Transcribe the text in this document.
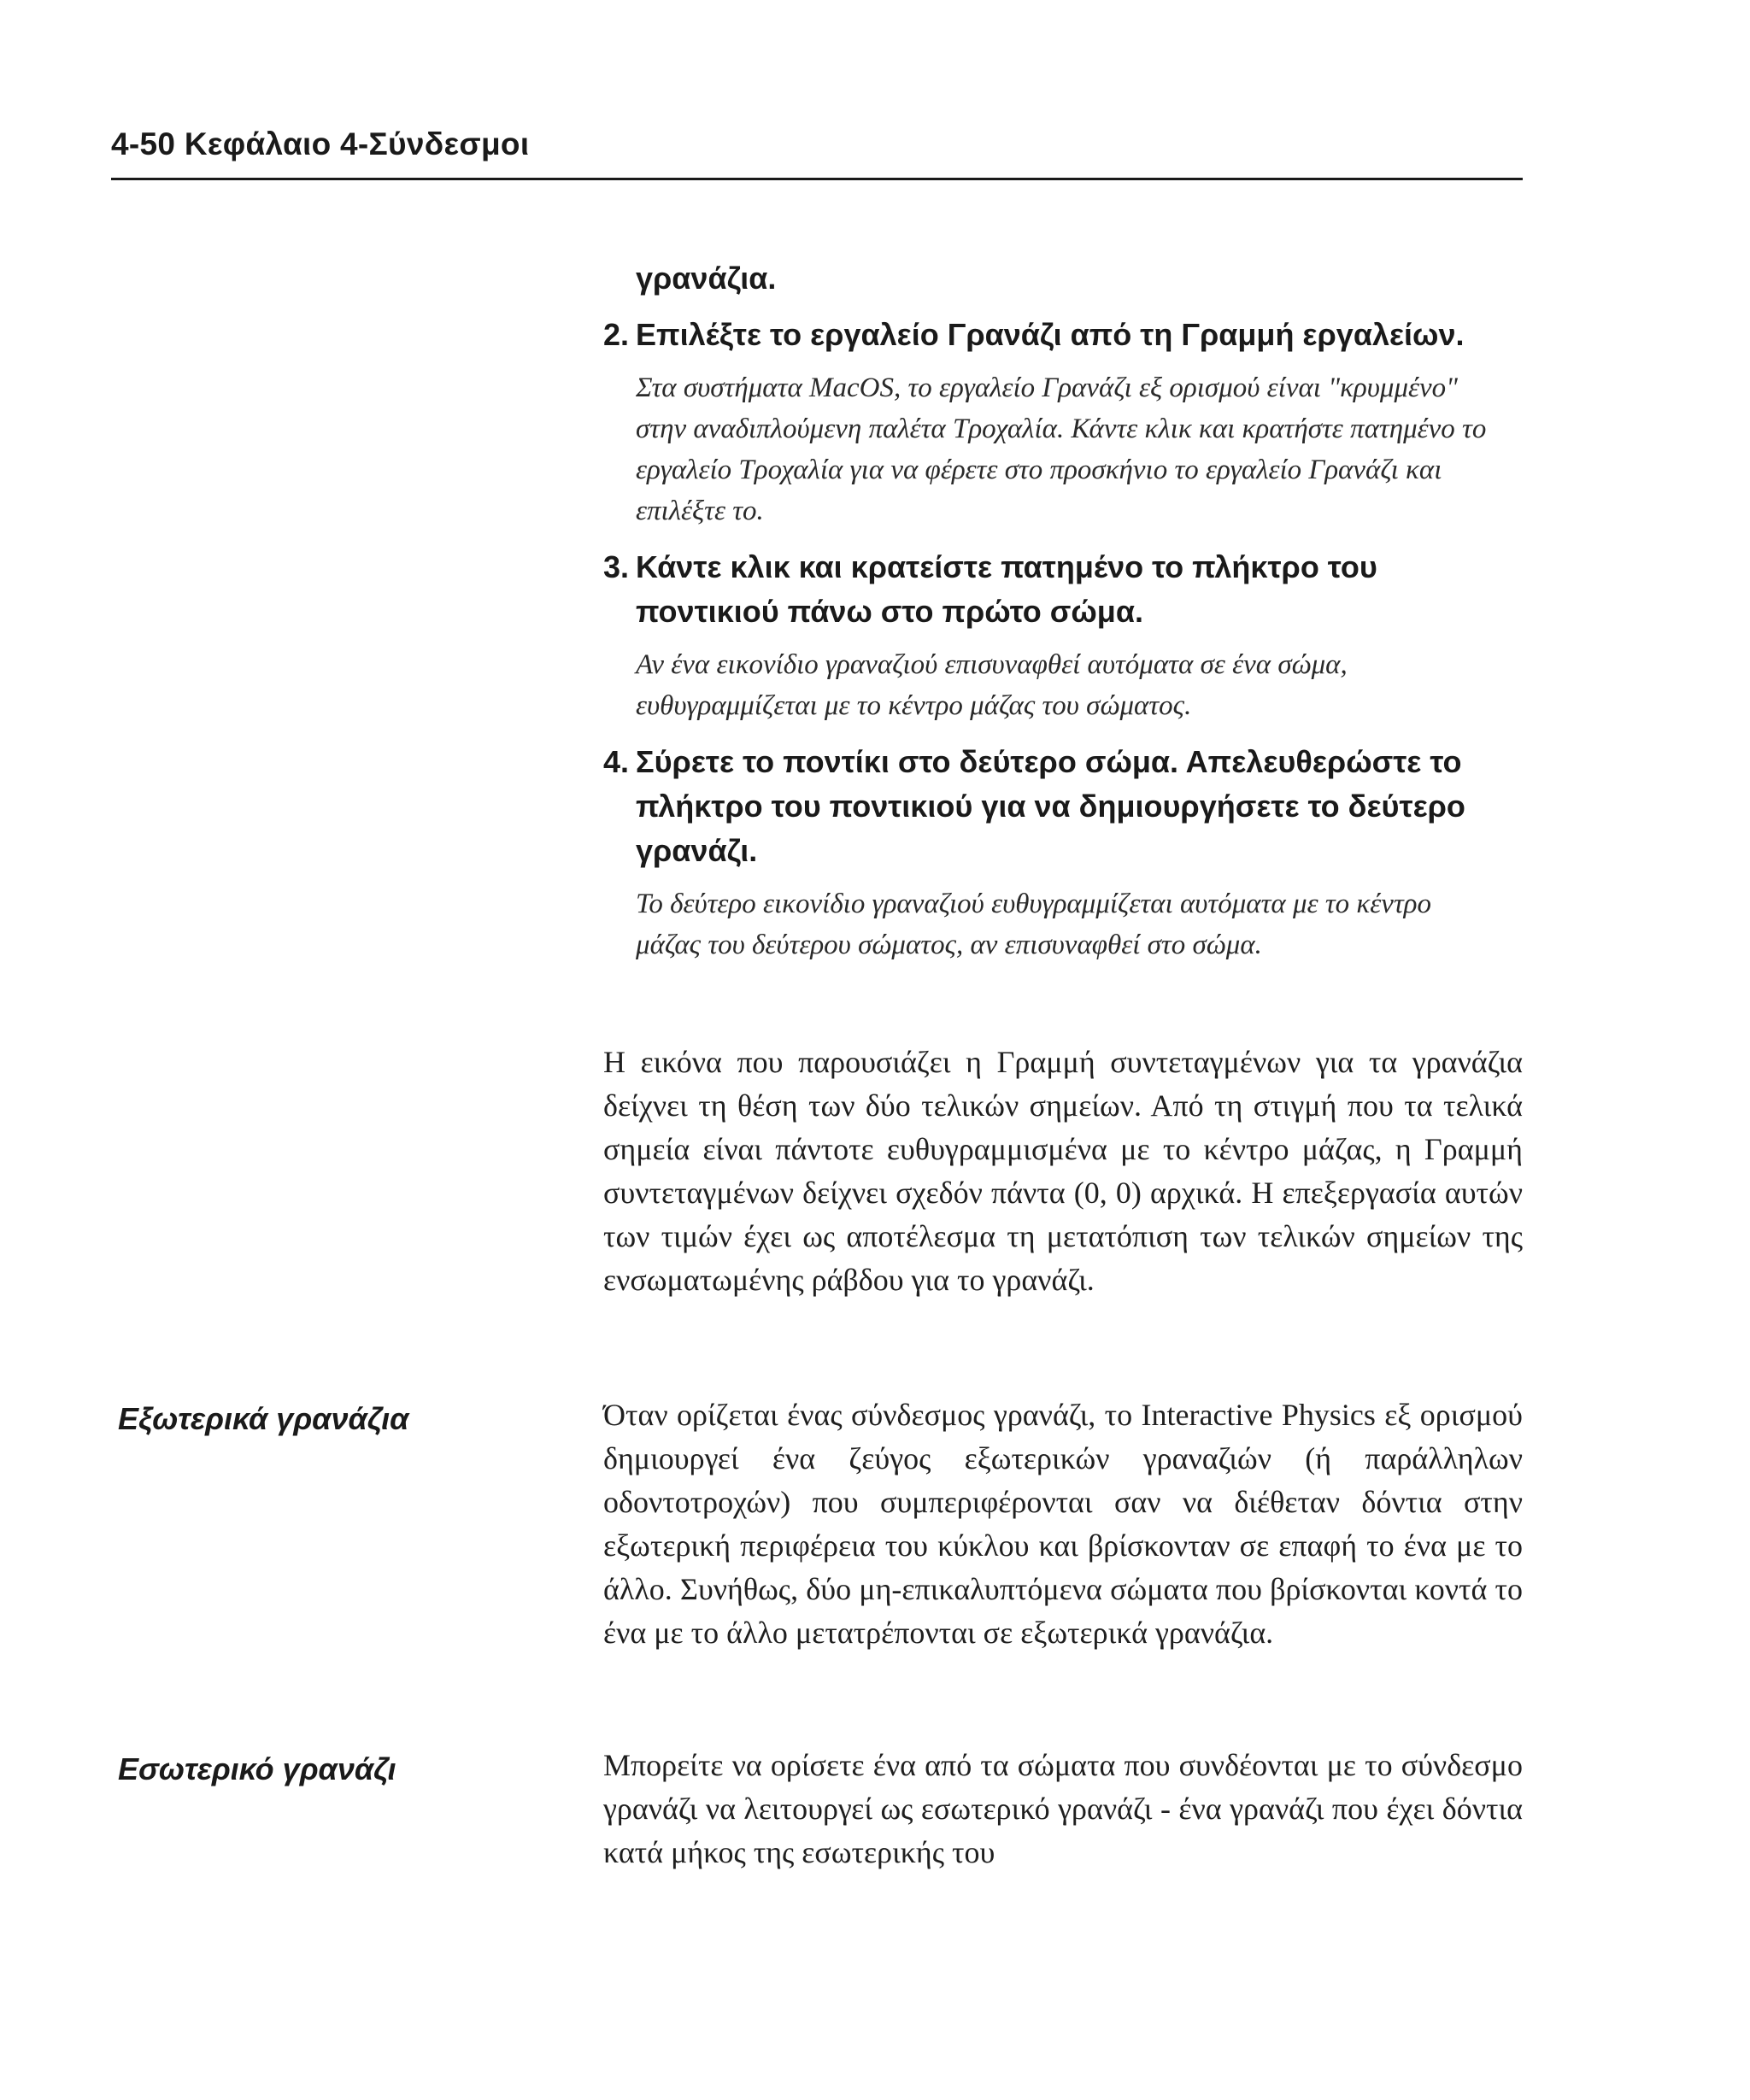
4-50 Κεφάλαιο 4-Σύνδεσμοι
γρανάζια.
2. Επιλέξτε το εργαλείο Γρανάζι από τη Γραμμή εργαλείων.
Στα συστήματα MacOS, το εργαλείο Γρανάζι εξ ορισμού είναι "κρυμμένο" στην αναδιπλούμενη παλέτα Τροχαλία. Κάντε κλικ και κρατήστε πατημένο το εργαλείο Τροχαλία για να φέρετε στο προσκήνιο το εργαλείο Γρανάζι και επιλέξτε το.
3. Κάντε κλικ και κρατείστε πατημένο το πλήκτρο του ποντικιού πάνω στο πρώτο σώμα.
Αν ένα εικονίδιο γραναζιού επισυναφθεί αυτόματα σε ένα σώμα, ευθυγραμμίζεται με το κέντρο μάζας του σώματος.
4. Σύρετε το ποντίκι στο δεύτερο σώμα. Απελευθερώστε το πλήκτρο του ποντικιού για να δημιουργήσετε το δεύτερο γρανάζι.
Το δεύτερο εικονίδιο γραναζιού ευθυγραμμίζεται αυτόματα με το κέντρο μάζας του δεύτερου σώματος, αν επισυναφθεί στο σώμα.
Η εικόνα που παρουσιάζει η Γραμμή συντεταγμένων για τα γρανάζια δείχνει τη θέση των δύο τελικών σημείων. Από τη στιγμή που τα τελικά σημεία είναι πάντοτε ευθυγραμμισμένα με το κέντρο μάζας, η Γραμμή συντεταγμένων δείχνει σχεδόν πάντα (0, 0) αρχικά. Η επεξεργασία αυτών των τιμών έχει ως αποτέλεσμα τη μετατόπιση των τελικών σημείων της ενσωματωμένης ράβδου για το γρανάζι.
Εξωτερικά γρανάζια	Όταν ορίζεται ένας σύνδεσμος γρανάζι, το Interactive Physics εξ ορισμού δημιουργεί ένα ζεύγος εξωτερικών γραναζιών (ή παράλληλων οδοντοτροχών) που συμπεριφέρονται σαν να διέθεταν δόντια στην εξωτερική περιφέρεια του κύκλου και βρίσκονταν σε επαφή το ένα με το άλλο. Συνήθως, δύο μη-επικαλυπτόμενα σώματα που βρίσκονται κοντά το ένα με το άλλο μετατρέπονται σε εξωτερικά γρανάζια.
Εσωτερικό γρανάζι	Μπορείτε να ορίσετε ένα από τα σώματα που συνδέονται με το σύνδεσμο γρανάζι να λειτουργεί ως εσωτερικό γρανάζι - ένα γρανάζι που έχει δόντια κατά μήκος της εσωτερικής του
